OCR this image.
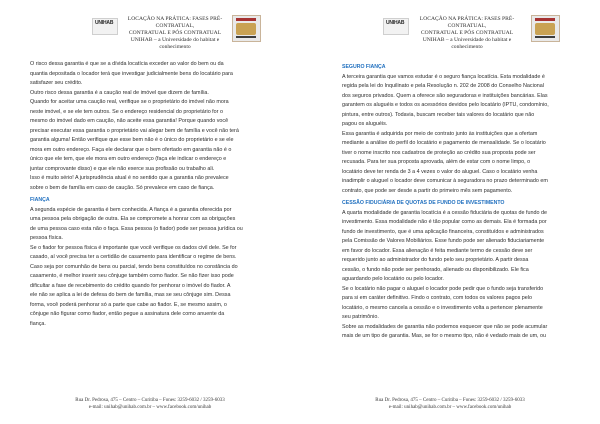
UNIHAB
LOCAÇÃO NA PRÁTICA: FASES PRÉ-CONTRATUAL,
CONTRATUAL E PÓS CONTRATUAL
UNIHAB – a Universidade do habitat e conhecimento
O risco dessa garantia é que se a dívida locatícia exceder ao valor do bem ou da
quantia depositada o locador terá que investigar judicialmente bens do locatário para
satisfazer seu crédito.
Outro risco dessa garantia é a caução real de imóvel que dizem de família.
Quando for aceitar uma caução real, verifique se o proprietário do imóvel não mora
neste imóvel, e se ele tem outros. Se o endereço residencial do proprietário for o
mesmo do imóvel dado em caução, não aceite essa garantia! Porque quando você
precisar executar essa garantia o proprietário vai alegar bem de família e você não terá
garantia alguma! Então verifique que esse bem não é o único do proprietário e se ele
mora em outro endereço. Faça ele declarar que o bem ofertado em garantia não é o
único que ele tem, que ele mora em outro endereço (faça ele indicar o endereço e
juntar comprovante disso) e que ele não exerce sua profissão ou trabalho ali.
Isso é muito sério! A jurisprudência atual é no sentido que a garantia não prevalece
sobre o bem de família em caso de caução. Só prevalece em caso de fiança.
FIANÇA
A segunda espécie de garantia é bem conhecida. A fiança é a garantia oferecida por
uma pessoa pela obrigação de outra. Ela se compromete a honrar com as obrigações
de uma pessoa caso esta não o faça. Essa pessoa (o fiador) pode ser pessoa jurídica ou
pessoa física.
Se o fiador for pessoa física é importante que você verifique os dados civil dele. Se for
casado, aí você precisa ter a certidão de casamento para identificar o regime de bens.
Caso seja por comunhão de bens ou parcial, tendo bens constituídos no constância do
casamento, é melhor inserir seu cônjuge também como fiador. Se não fizer isso pode
dificultar a fase de recebimento do crédito quando for penhorar o imóvel do fiador. A
ele não se aplica a lei de defesa do bem de família, mas se seu cônjuge sim. Dessa
forma, você poderá penhorar só a parte que cabe ao fiador. E, se mesmo assim, o
cônjuge não figurar como fiador, então pegue a assinatura dele como anuente da
fiança.
Rua Dr. Pedrosa, 475 – Centro – Curitiba – Fones: 3259-6032 / 3259-6033
e-mail: unihab@unihab.com.br – www.facebook.com/unihab
UNIHAB
LOCAÇÃO NA PRÁTICA: FASES PRÉ-CONTRATUAL,
CONTRATUAL E PÓS CONTRATUAL
UNIHAB – a Universidade do habitat e conhecimento
SEGURO FIANÇA
A terceira garantia que vamos estudar é o seguro fiança locatícia. Esta modalidade é
regida pela lei do Inquilinato e pela Resolução n. 202 de 2008 do Conselho Nacional
dos seguros privados. Quem a oferece são seguradoras e instituições bancárias. Elas
garantem os aluguéis e todos os acessórios devidos pelo locatário (IPTU, condomínio,
pintura, entre outros). Todavia, buscam receber tais valores do locatário que não
pagou os aluguéis.
Essa garantia é adquirida por meio de contrato junto às instituições que a ofertam
mediante a análise do perfil do locatário e pagamento de mensalidade. Se o locatário
tiver o nome inscrito nos cadastros de proteção ao crédito sua proposta pode ser
recusada. Para ter sua proposta aprovada, além de estar com o nome limpo, o
locatário deve ter renda de 3 a 4 vezes o valor do aluguel. Caso o locatário venha
inadimplir o aluguel o locador deve comunicar à seguradora no prazo determinado em
contrato, que pode ser desde a partir do primeiro mês sem pagamento.
CESSÃO FIDUCIÁRIA DE QUOTAS DE FUNDO DE INVESTIMENTO
A quarta modalidade de garantia locatícia é a cessão fiduciária de quotas de fundo de
investimento. Essa modalidade não é tão popular como as demais. Ela é formada por
fundo de investimento, que é uma aplicação financeira, constituídos e administrados
pela Comissão de Valores Mobiliários. Esse fundo pode ser alienado fiduciariamente
em favor do locador. Essa alienação é feita mediante termo de cessão deve ser
requerido junto ao administrador do fundo pelo seu proprietário. A partir dessa
cessão, o fundo não pode ser penhorado, alienado ou disponibilizado. Ele fica
aguardando pelo locatário ou pelo locador.
Se o locatário não pagar o aluguel o locador pode pedir que o fundo seja transferido
para si em caráter definitivo. Findo o contrato, com todos os valores pagos pelo
locatário, o mesmo cancela a cessão e o investimento volta a pertencer plenamente
seu patrimônio.
Sobre as modalidades de garantia não podemos esquecer que não se pode acumular
mais de um tipo de garantia. Mas, se for o mesmo tipo, não é vedado mais de um, ou
Rua Dr. Pedrosa, 475 – Centro – Curitiba – Fones: 3259-6032 / 3259-6033
e-mail: unihab@unihab.com.br – www.facebook.com/unihab
